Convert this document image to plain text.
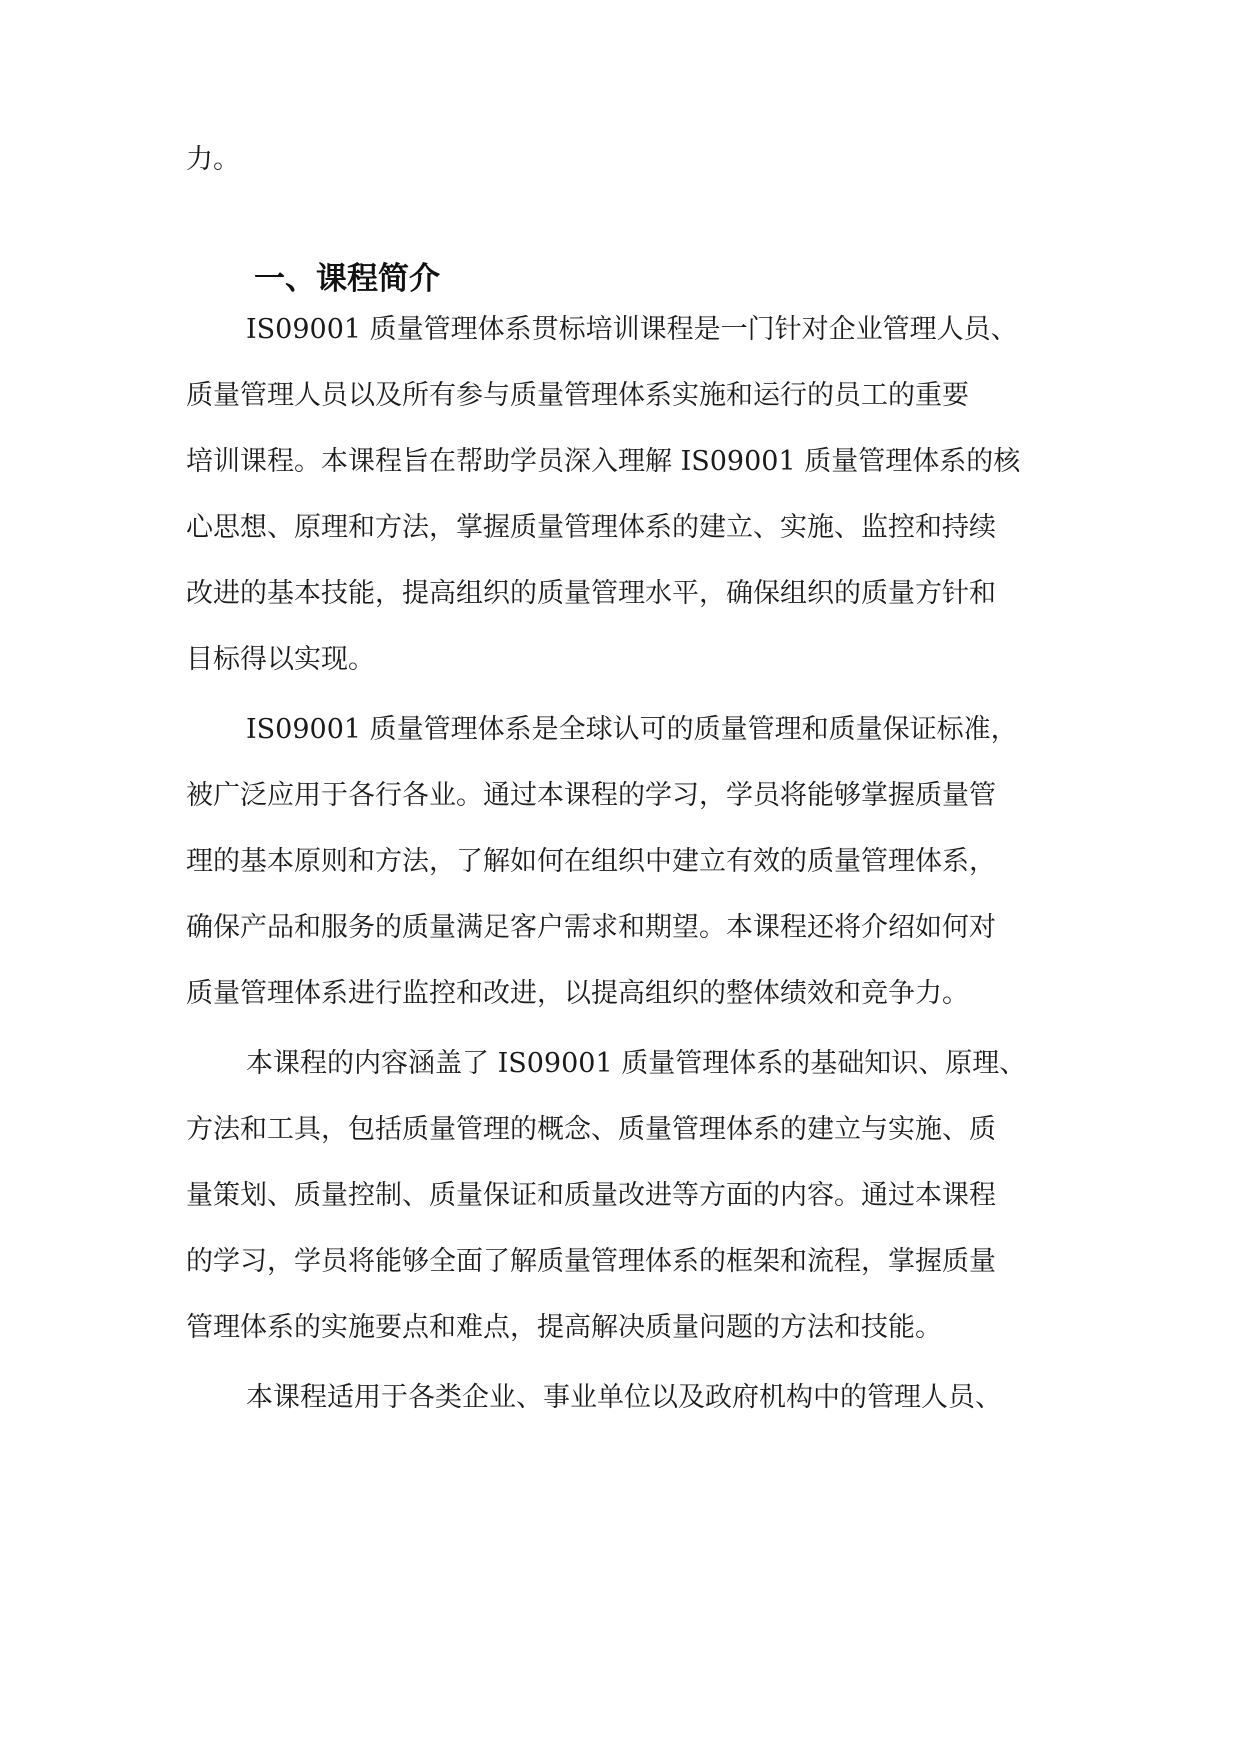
力。

一、课程简介

IS09001 质量管理体系贯标培训课程是一门针对企业管理人员、

质量管理人员以及所有参与质量管理体系实施和运行的员工的重要

培训课程。本课程旨在帮助学员深入理解 IS09001 质量管理体系的核

心思想、原理和方法，掌握质量管理体系的建立、实施、监控和持续

改进的基本技能，提高组织的质量管理水平，确保组织的质量方针和

目标得以实现。

IS09001 质量管理体系是全球认可的质量管理和质量保证标准，

被广泛应用于各行各业。通过本课程的学习，学员将能够掌握质量管

理的基本原则和方法，了解如何在组织中建立有效的质量管理体系，

确保产品和服务的质量满足客户需求和期望。本课程还将介绍如何对

质量管理体系进行监控和改进，以提高组织的整体绩效和竞争力。

本课程的内容涵盖了 IS09001 质量管理体系的基础知识、原理、

方法和工具，包括质量管理的概念、质量管理体系的建立与实施、质

量策划、质量控制、质量保证和质量改进等方面的内容。通过本课程

的学习，学员将能够全面了解质量管理体系的框架和流程，掌握质量

管理体系的实施要点和难点，提高解决质量问题的方法和技能。

本课程适用于各类企业、事业单位以及政府机构中的管理人员、
